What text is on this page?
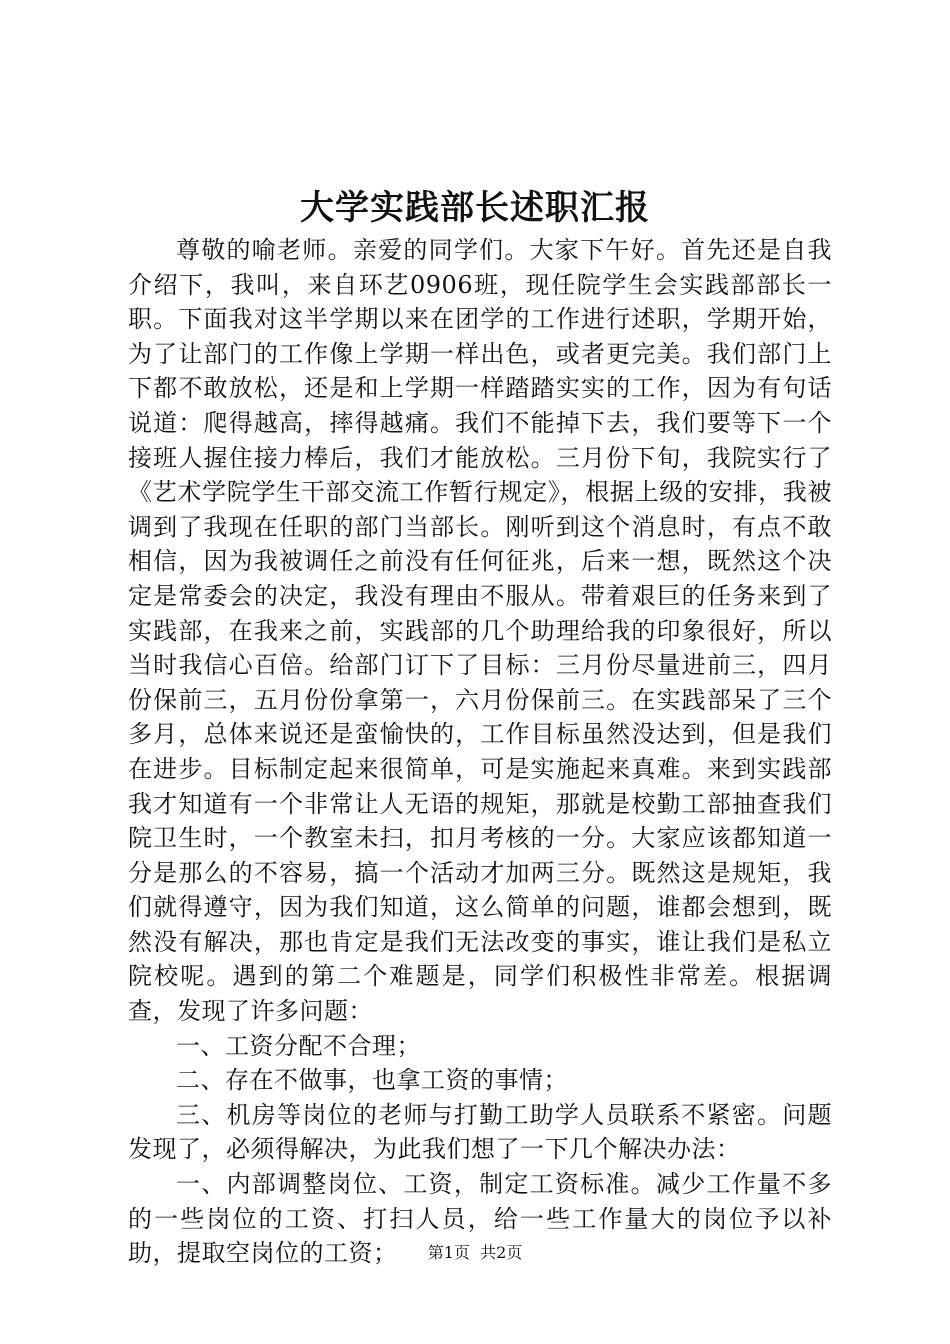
大学实践部长述职汇报

尊敬的喻老师。亲爱的同学们。大家下午好。首先还是自我介绍下，我叫，来自环艺0906班，现任院学生会实践部部长一职。下面我对这半学期以来在团学的工作进行述职，学期开始，为了让部门的工作像上学期一样出色，或者更完美。我们部门上下都不敢放松，还是和上学期一样踏踏实实的工作，因为有句话说道：爬得越高，摔得越痛。我们不能掉下去，我们要等下一个接班人握住接力棒后，我们才能放松。三月份下旬，我院实行了《艺术学院学生干部交流工作暂行规定》，根据上级的安排，我被调到了我现在任职的部门当部长。刚听到这个消息时，有点不敢相信，因为我被调任之前没有任何征兆，后来一想，既然这个决定是常委会的决定，我没有理由不服从。带着艰巨的任务来到了实践部，在我来之前，实践部的几个助理给我的印象很好，所以当时我信心百倍。给部门订下了目标：三月份尽量进前三，四月份保前三，五月份份拿第一，六月份保前三。在实践部呆了三个多月，总体来说还是蛮愉快的，工作目标虽然没达到，但是我们在进步。目标制定起来很简单，可是实施起来真难。来到实践部我才知道有一个非常让人无语的规矩，那就是校勤工部抽查我们院卫生时，一个教室未扫，扣月考核的一分。大家应该都知道一分是那么的不容易，搞一个活动才加两三分。既然这是规矩，我们就得遵守，因为我们知道，这么简单的问题，谁都会想到，既然没有解决，那也肯定是我们无法改变的事实，谁让我们是私立院校呢。遇到的第二个难题是，同学们积极性非常差。根据调查，发现了许多问题：

一、工资分配不合理；

二、存在不做事，也拿工资的事情；

三、机房等岗位的老师与打勤工助学人员联系不紧密。问题发现了，必须得解决，为此我们想了一下几个解决办法：

一、内部调整岗位、工资，制定工资标准。减少工作量不多的一些岗位的工资、打扫人员，给一些工作量大的岗位予以补助，提取空岗位的工资；	第1页  共2页
